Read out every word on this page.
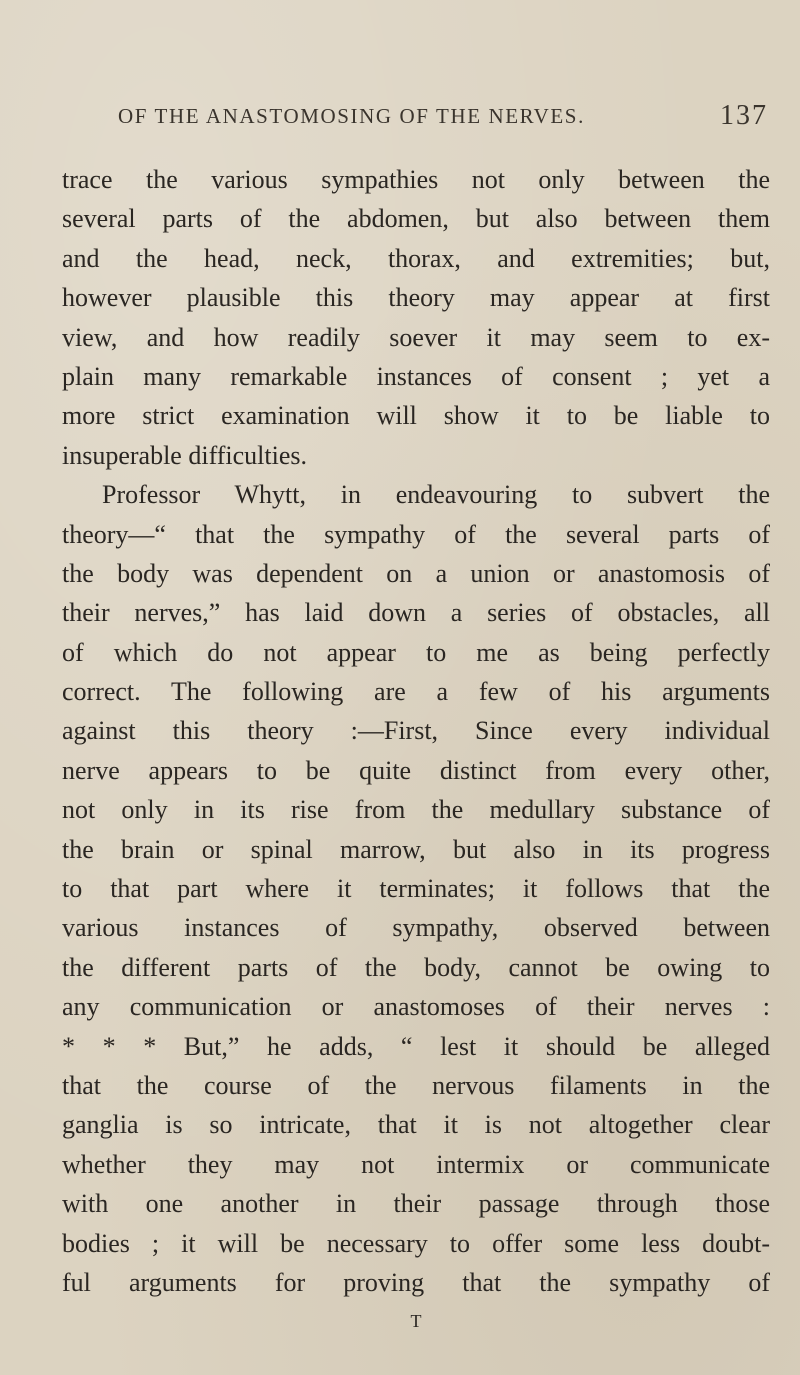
OF THE ANASTOMOSING OF THE NERVES.	137
trace the various sympathies not only between the
several parts of the abdomen, but also between them
and the head, neck, thorax, and extremities; but,
however plausible this theory may appear at first
view, and how readily soever it may seem to ex-
plain many remarkable instances of consent ; yet a
more strict examination will show it to be liable to
insuperable difficulties.
Professor Whytt, in endeavouring to subvert the
theory—“ that the sympathy of the several parts of
the body was dependent on a union or anastomosis of
their nerves,” has laid down a series of obstacles, all
of which do not appear to me as being perfectly
correct. The following are a few of his arguments
against this theory :—First, Since every individual
nerve appears to be quite distinct from every other,
not only in its rise from the medullary substance of
the brain or spinal marrow, but also in its progress
to that part where it terminates; it follows that the
various instances of sympathy, observed between
the different parts of the body, cannot be owing to
any communication or anastomoses of their nerves :
* * * But,” he adds, “ lest it should be alleged
that the course of the nervous filaments in the
ganglia is so intricate, that it is not altogether clear
whether they may not intermix or communicate
with one another in their passage through those
bodies ; it will be necessary to offer some less doubt-
ful arguments for proving that the sympathy of
T
